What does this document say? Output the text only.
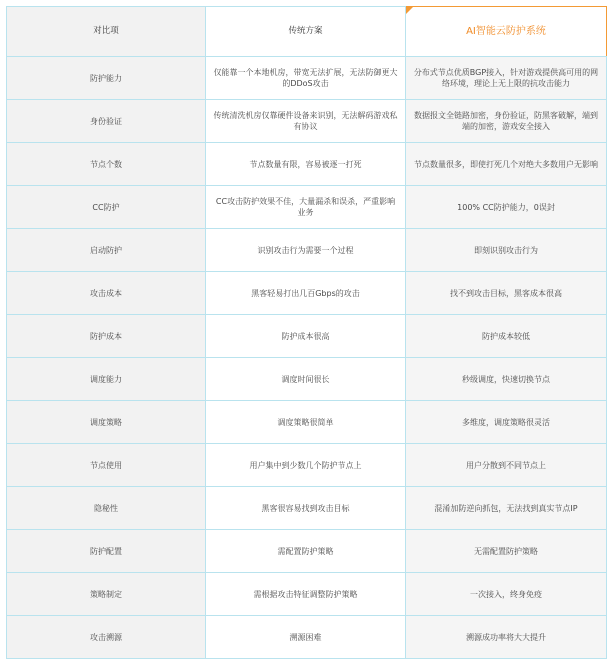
对比项	传统方案	AI智能云防护系统
防护能力	仅能靠一个本地机房，带宽无法扩展，无法防御更大的DDoS攻击	分布式节点优质BGP接入，针对游戏提供高可用的网络环境，理论上无上限的抗攻击能力
身份验证	传统清洗机房仅靠硬件设备来识别，无法解码游戏私有协议	数据报文全链路加密，身份验证，防黑客破解，端到端的加密，游戏安全接入
节点个数	节点数量有限，容易被逐一打死	节点数量很多，即使打死几个对绝大多数用户无影响
CC防护	CC攻击防护效果不佳，大量漏杀和误杀，严重影响业务	100% CC防护能力，0误封
启动防护	识别攻击行为需要一个过程	即刻识别攻击行为
攻击成本	黑客轻易打出几百Gbps的攻击	找不到攻击目标，黑客成本很高
防护成本	防护成本很高	防护成本较低
调度能力	调度时间很长	秒级调度，快速切换节点
调度策略	调度策略很简单	多维度，调度策略很灵活
节点使用	用户集中到少数几个防护节点上	用户分散到不同节点上
隐秘性	黑客很容易找到攻击目标	混淆加防逆向抓包，无法找到真实节点IP
防护配置	需配置防护策略	无需配置防护策略
策略制定	需根据攻击特征调整防护策略	一次接入，终身免疫
攻击溯源	溯源困难	溯源成功率将大大提升
